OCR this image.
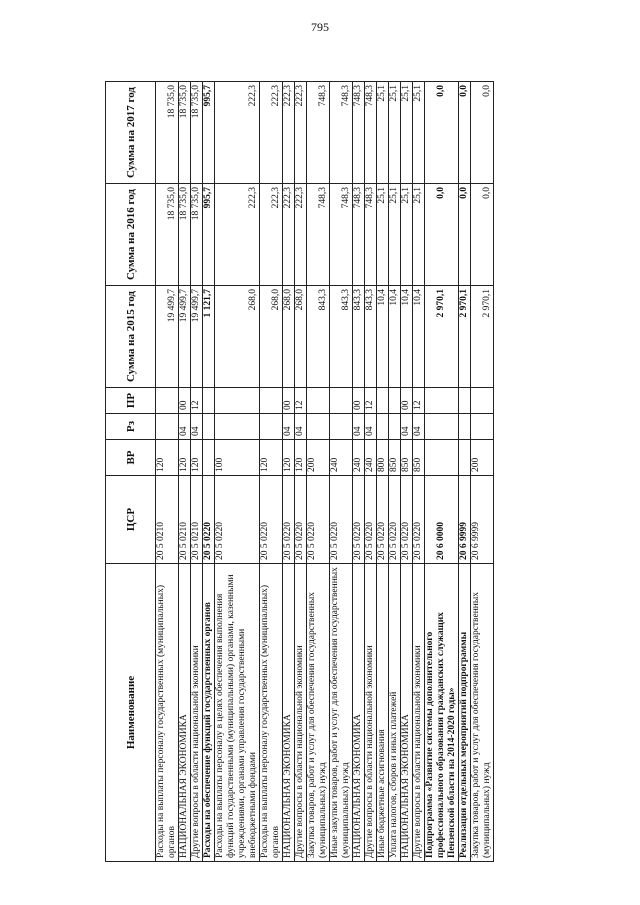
795
Наименование	ЦСР	ВР	Рз	ПР	Сумма на 2015 год	Сумма на 2016 год	Сумма на 2017 год
Расходы на выплаты персоналу государственных (муниципальных) органов	20 5 0210	120			19 499,7	18 735,0	18 735,0
НАЦИОНАЛЬНАЯ ЭКОНОМИКА	20 5 0210	120	04	00	19 499,7	18 735,0	18 735,0
Другие вопросы в области национальной экономики	20 5 0210	120	04	12	19 499,7	18 735,0	18 735,0
Расходы на обеспечение функций государственных органов	20 5 0220				1 121,7	995,7	995,7
Расходы на выплаты персоналу в целях обеспечения выполнения функций государственными (муниципальными) органами, казенными учреждениями, органами управления государственными внебюджетными фондами	20 5 0220	100			268,0	222,3	222,3
Расходы на выплаты персоналу государственных (муниципальных) органов	20 5 0220	120			268,0	222,3	222,3
НАЦИОНАЛЬНАЯ ЭКОНОМИКА	20 5 0220	120	04	00	268,0	222,3	222,3
Другие вопросы в области национальной экономики	20 5 0220	120	04	12	268,0	222,3	222,3
Закупка товаров, работ и услуг для обеспечения государственных (муниципальных) нужд	20 5 0220	200			843,3	748,3	748,3
Иные закупки товаров, работ и услуг для обеспечения государственных (муниципальных) нужд	20 5 0220	240			843,3	748,3	748,3
НАЦИОНАЛЬНАЯ ЭКОНОМИКА	20 5 0220	240	04	00	843,3	748,3	748,3
Другие вопросы в области национальной экономики	20 5 0220	240	04	12	843,3	748,3	748,3
Иные бюджетные ассигнования	20 5 0220	800			10,4	25,1	25,1
Уплата налогов, сборов и иных платежей	20 5 0220	850			10,4	25,1	25,1
НАЦИОНАЛЬНАЯ ЭКОНОМИКА	20 5 0220	850	04	00	10,4	25,1	25,1
Другие вопросы в области национальной экономики	20 5 0220	850	04	12	10,4	25,1	25,1
Подпрограмма «Развитие системы дополнительного профессионального образования гражданских служащих Пензенской области на 2014-2020 годы»	20 6 0000				2 970,1	0,0	0,0
Реализация отдельных мероприятий подпрограммы	20 6 9999				2 970,1	0,0	0,0
Закупка товаров, работ и услуг для обеспечения государственных (муниципальных) нужд	20 6 9999	200			2 970,1	0,0	0,0
